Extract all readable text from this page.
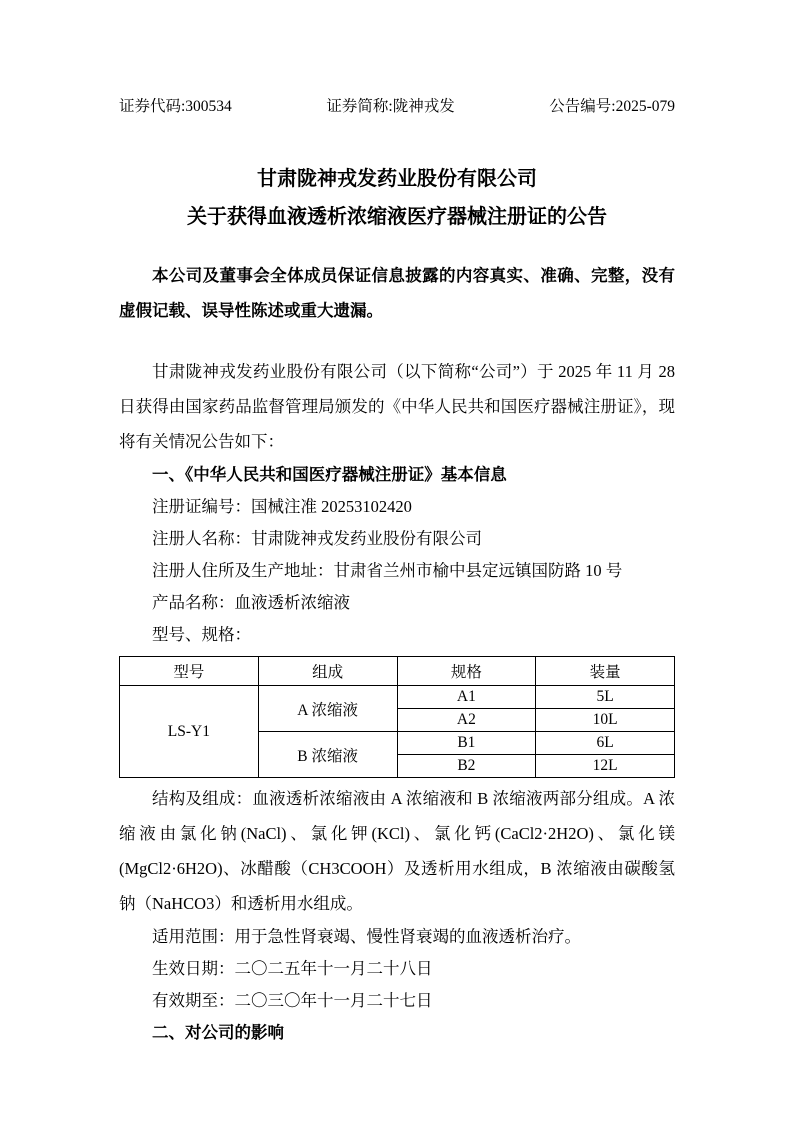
证券代码:300534	证券简称:陇神戎发	公告编号:2025-079
甘肃陇神戎发药业股份有限公司
关于获得血液透析浓缩液医疗器械注册证的公告

本公司及董事会全体成员保证信息披露的内容真实、准确、完整，没有虚假记载、误导性陈述或重大遗漏。

甘肃陇神戎发药业股份有限公司（以下简称“公司”）于 2025 年 11 月 28 日获得由国家药品监督管理局颁发的《中华人民共和国医疗器械注册证》，现将有关情况公告如下：

一、《中华人民共和国医疗器械注册证》基本信息

注册证编号：国械注准 20253102420

注册人名称：甘肃陇神戎发药业股份有限公司

注册人住所及生产地址：甘肃省兰州市榆中县定远镇国防路 10 号

产品名称：血液透析浓缩液

型号、规格：

型号	组成	规格	装量
LS-Y1	A 浓缩液	A1	5L
		A2	10L
	B 浓缩液	B1	6L
		B2	12L

结构及组成：血液透析浓缩液由 A 浓缩液和 B 浓缩液两部分组成。A 浓缩液由氯化钠(NaCl)、氯化钾(KCl)、氯化钙(CaCl2·2H2O)、氯化镁(MgCl2·6H2O)、冰醋酸（CH3COOH）及透析用水组成，B 浓缩液由碳酸氢钠（NaHCO3）和透析用水组成。

适用范围：用于急性肾衰竭、慢性肾衰竭的血液透析治疗。

生效日期：二〇二五年十一月二十八日

有效期至：二〇三〇年十一月二十七日

二、对公司的影响
